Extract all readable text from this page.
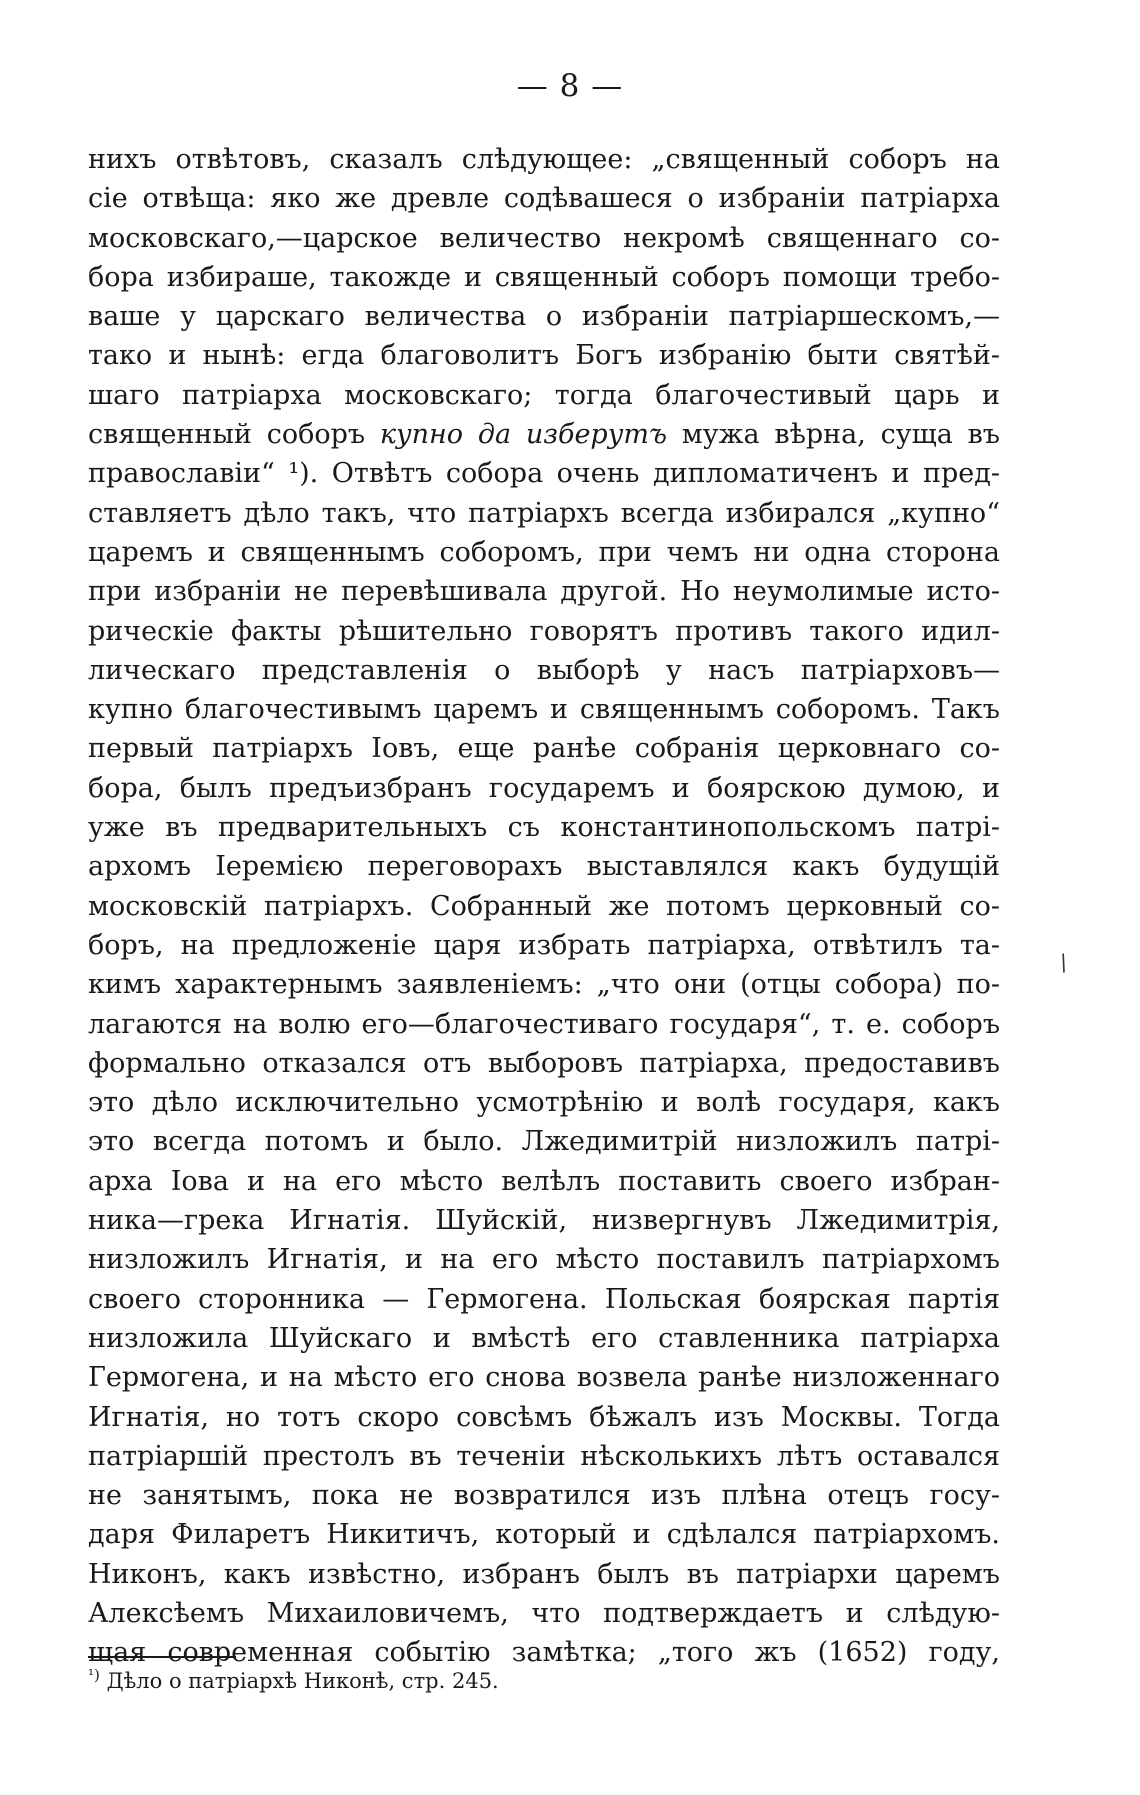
— 8 —
нихъ отвѣтовъ, сказалъ слѣдующее: „священный соборъ на
сіе отвѣща: яко же древле содѣвашеся о избраніи патріарха
московскаго,—царское величество некромѣ священнаго со-
бора избираше, такожде и священный соборъ помощи требо-
ваше у царскаго величества о избраніи патріаршескомъ,—
тако и нынѣ: егда благоволитъ Богъ избранію быти святѣй-
шаго патріарха московскаго; тогда благочестивый царь и
священный соборъ купно да изберутъ мужа вѣрна, суща въ
православіи“ ¹). Отвѣтъ собора очень дипломатиченъ и пред-
ставляетъ дѣло такъ, что патріархъ всегда избирался „купно“
царемъ и священнымъ соборомъ, при чемъ ни одна сторона
при избраніи не перевѣшивала другой. Но неумолимые исто-
рическіе факты рѣшительно говорятъ противъ такого идил-
лическаго представленія о выборѣ у насъ патріарховъ—
купно благочестивымъ царемъ и священнымъ соборомъ. Такъ
первый патріархъ Іовъ, еще ранѣе собранія церковнаго со-
бора, былъ предъизбранъ государемъ и боярскою думою, и
уже въ предварительныхъ съ константинопольскомъ патрі-
архомъ Іеремією переговорахъ выставлялся какъ будущій
московскій патріархъ. Собранный же потомъ церковный со-
боръ, на предложеніе царя избрать патріарха, отвѣтилъ та-
кимъ характернымъ заявленіемъ: „что они (отцы собора) по-
лагаются на волю его—благочестиваго государя“, т. е. соборъ
формально отказался отъ выборовъ патріарха, предоставивъ
это дѣло исключительно усмотрѣнію и волѣ государя, какъ
это всегда потомъ и было. Лжедимитрій низложилъ патрі-
арха Іова и на его мѣсто велѣлъ поставить своего избран-
ника—грека Игнатія. Шуйскій, низвергнувъ Лжедимитрія,
низложилъ Игнатія, и на его мѣсто поставилъ патріархомъ
своего сторонника — Гермогена. Польская боярская партія
низложила Шуйскаго и вмѣстѣ его ставленника патріарха
Гермогена, и на мѣсто его снова возвела ранѣе низложеннаго
Игнатія, но тотъ скоро совсѣмъ бѣжалъ изъ Москвы. Тогда
патріаршій престолъ въ теченіи нѣсколькихъ лѣтъ оставался
не занятымъ, пока не возвратился изъ плѣна отецъ госу-
даря Филаретъ Никитичъ, который и сдѣлался патріархомъ.
Никонъ, какъ извѣстно, избранъ былъ въ патріархи царемъ
Алексѣемъ Михаиловичемъ, что подтверждаетъ и слѣдую-
щая современная событію замѣтка; „того жъ (1652) году,
/
$^{^1)}$ Дѣло о патріархѣ Никонѣ, стр. 245.
